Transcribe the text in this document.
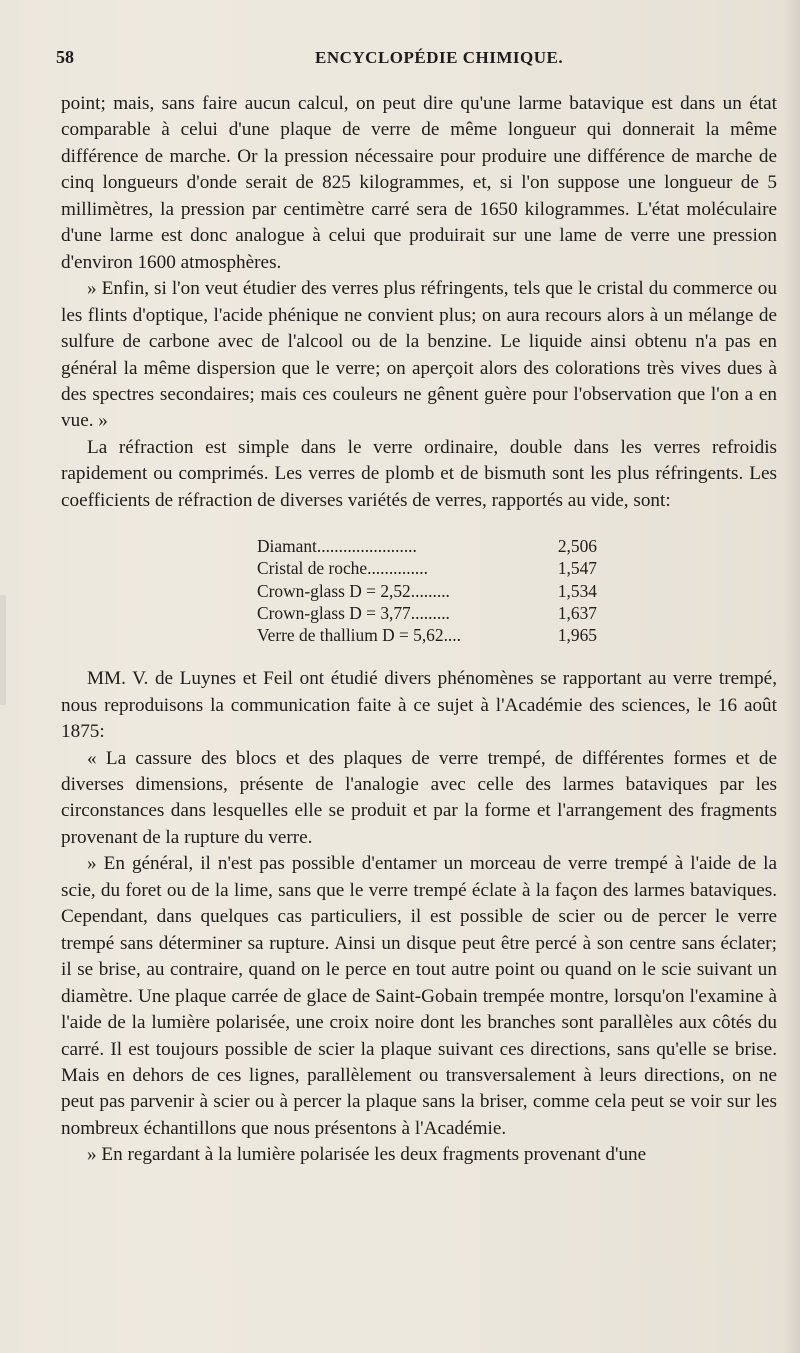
58	ENCYCLOPÉDIE CHIMIQUE.

point; mais, sans faire aucun calcul, on peut dire qu'une larme batavique est dans un état comparable à celui d'une plaque de verre de même longueur qui donnerait la même différence de marche. Or la pression nécessaire pour produire une différence de marche de cinq longueurs d'onde serait de 825 kilogrammes, et, si l'on suppose une longueur de 5 millimètres, la pression par centimètre carré sera de 1650 kilogrammes. L'état moléculaire d'une larme est donc analogue à celui que produirait sur une lame de verre une pression d'environ 1600 atmosphères.

» Enfin, si l'on veut étudier des verres plus réfringents, tels que le cristal du commerce ou les flints d'optique, l'acide phénique ne convient plus; on aura recours alors à un mélange de sulfure de carbone avec de l'alcool ou de la benzine. Le liquide ainsi obtenu n'a pas en général la même dispersion que le verre; on aperçoit alors des colorations très vives dues à des spectres secondaires; mais ces couleurs ne gênent guère pour l'observation que l'on a en vue. »

La réfraction est simple dans le verre ordinaire, double dans les verres refroidis rapidement ou comprimés. Les verres de plomb et de bismuth sont les plus réfringents. Les coefficients de réfraction de diverses variétés de verres, rapportés au vide, sont:

Diamant.......................	2,506
Cristal de roche..............	1,547
Crown-glass D = 2,52.........	1,534
Crown-glass D = 3,77.........	1,637
Verre de thallium D = 5,62....	1,965

MM. V. de Luynes et Feil ont étudié divers phénomènes se rapportant au verre trempé, nous reproduisons la communication faite à ce sujet à l'Académie des sciences, le 16 août 1875:

« La cassure des blocs et des plaques de verre trempé, de différentes formes et de diverses dimensions, présente de l'analogie avec celle des larmes bataviques par les circonstances dans lesquelles elle se produit et par la forme et l'arrangement des fragments provenant de la rupture du verre.

» En général, il n'est pas possible d'entamer un morceau de verre trempé à l'aide de la scie, du foret ou de la lime, sans que le verre trempé éclate à la façon des larmes bataviques. Cependant, dans quelques cas particuliers, il est possible de scier ou de percer le verre trempé sans déterminer sa rupture. Ainsi un disque peut être percé à son centre sans éclater; il se brise, au contraire, quand on le perce en tout autre point ou quand on le scie suivant un diamètre. Une plaque carrée de glace de Saint-Gobain trempée montre, lorsqu'on l'examine à l'aide de la lumière polarisée, une croix noire dont les branches sont parallèles aux côtés du carré. Il est toujours possible de scier la plaque suivant ces directions, sans qu'elle se brise. Mais en dehors de ces lignes, parallèlement ou transversalement à leurs directions, on ne peut pas parvenir à scier ou à percer la plaque sans la briser, comme cela peut se voir sur les nombreux échantillons que nous présentons à l'Académie.

» En regardant à la lumière polarisée les deux fragments provenant d'une
